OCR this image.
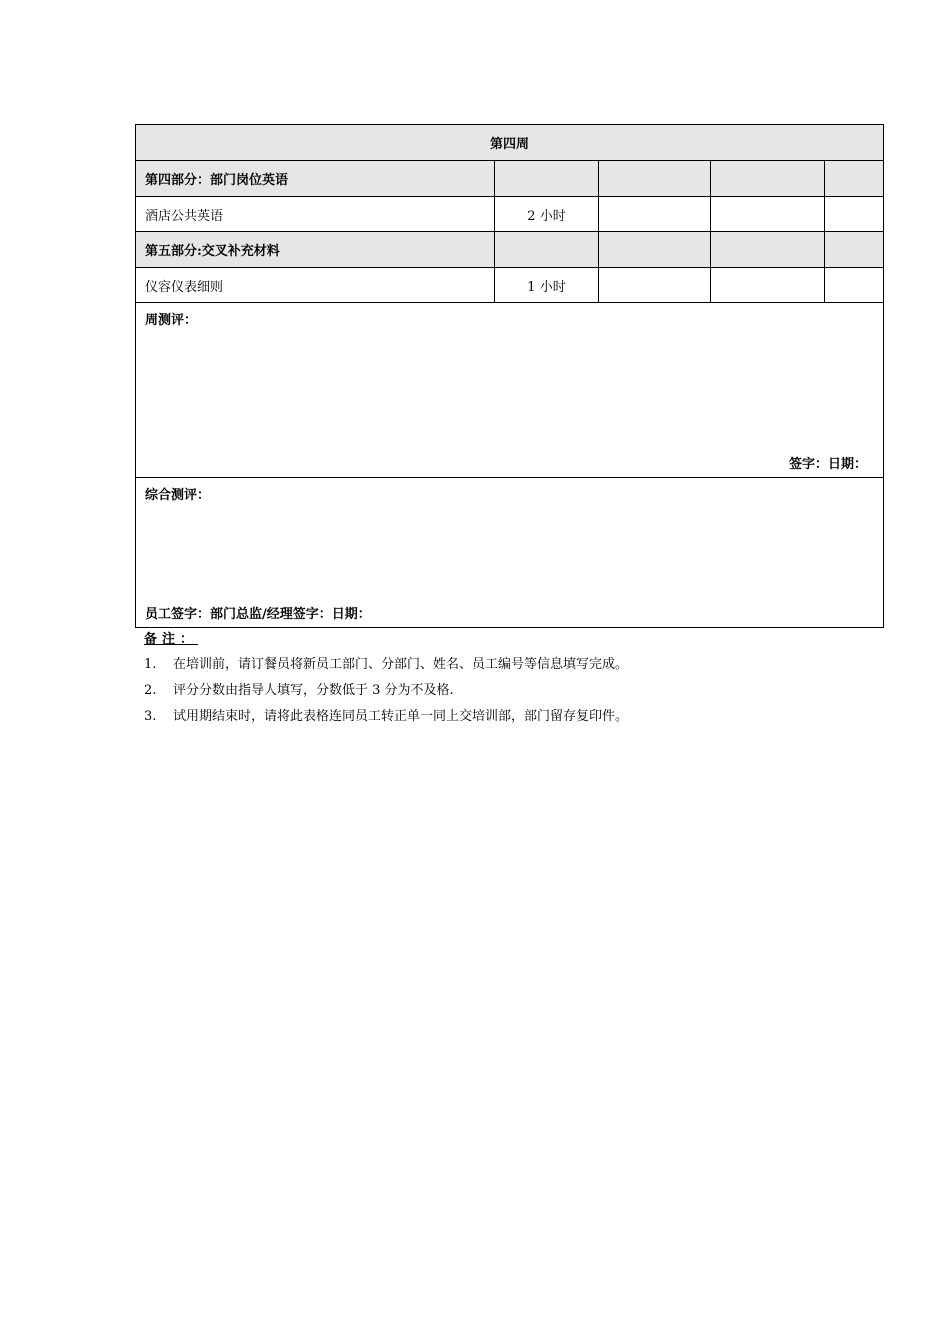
第四周				
第四部分：部门岗位英语				
酒店公共英语	2 小时			
第五部分:交叉补充材料				
仪容仪表细则	1 小时			

周测评：
签字：日期：				

综合测评：
员工签字：部门总监/经理签字：日期：				
备注：
1.	在培训前，请订餐员将新员工部门、分部门、姓名、员工编号等信息填写完成。
2.	评分分数由指导人填写，分数低于 3 分为不及格.
3.	试用期结束时，请将此表格连同员工转正单一同上交培训部，部门留存复印件。
